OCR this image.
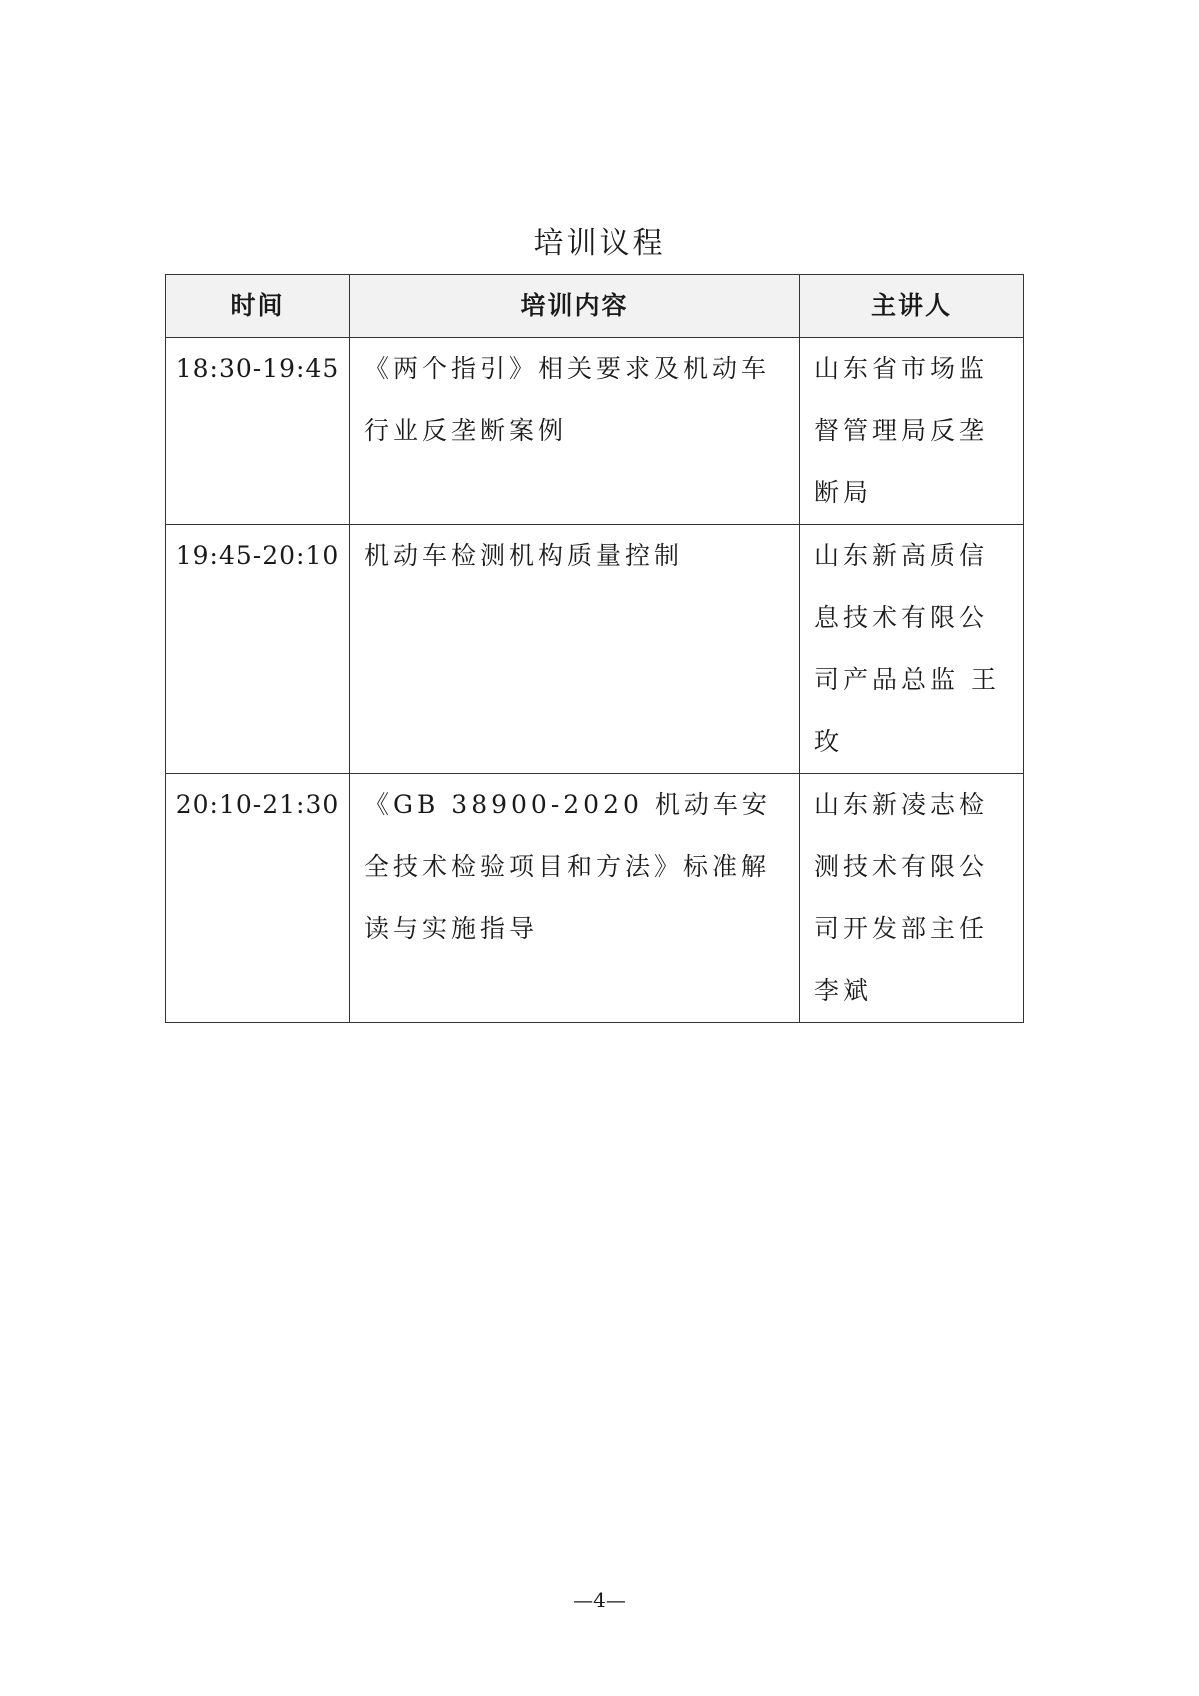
培训议程
时间	培训内容	主讲人
18:30-19:45	《两个指引》相关要求及机动车行业反垄断案例	山东省市场监督管理局反垄断局
19:45-20:10	机动车检测机构质量控制	山东新高质信息技术有限公司产品总监 王玫
20:10-21:30	《GB 38900-2020 机动车安全技术检验项目和方法》标准解读与实施指导	山东新凌志检测技术有限公司开发部主任 李斌
—4—
